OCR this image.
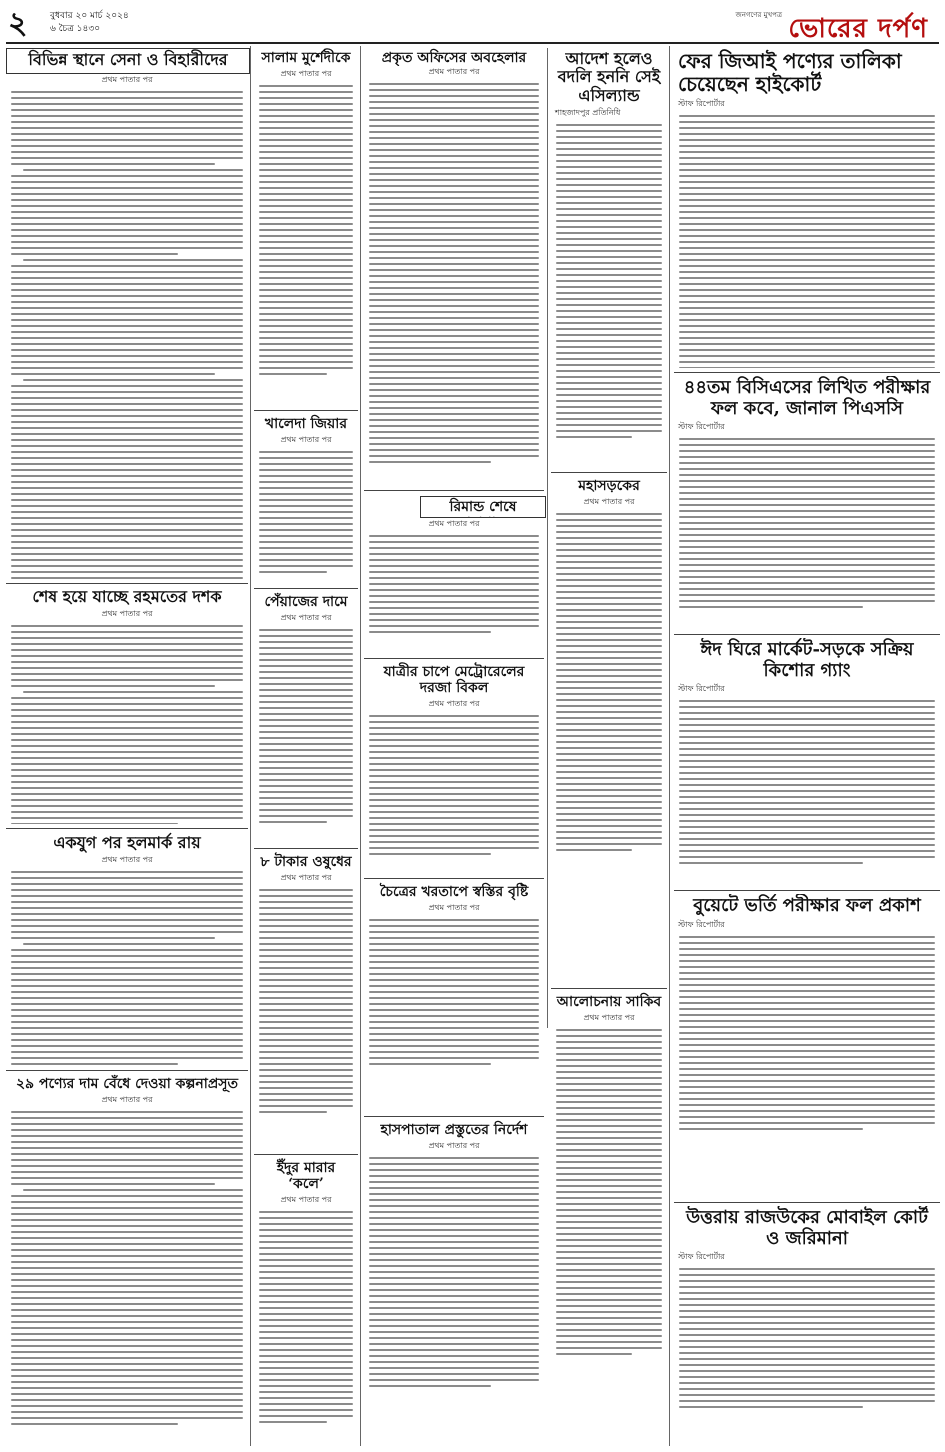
২ বুধবার ২০ মার্চ ২০২৪
৬ চৈত্র ১৪৩০
জনগণের মুখপত্র ভোরের দর্পণ
বিভিন্ন স্থানে সেনা ও বিহারীদের
প্রথম পাতার পর
শেষ হয়ে যাচ্ছে রহমতের দশক
প্রথম পাতার পর
একযুগ পর হলমার্ক রায়
প্রথম পাতার পর
২৯ পণ্যের দাম বেঁধে দেওয়া কল্পনাপ্রসূত
প্রথম পাতার পর
সালাম মুর্শেদীকে
প্রথম পাতার পর
খালেদা জিয়ার
প্রথম পাতার পর
পেঁয়াজের দামে
প্রথম পাতার পর
৮ টাকার ওষুধের
প্রথম পাতার পর
ইঁদুর মারার ‘কলে’
প্রথম পাতার পর
প্রকৃত অফিসের অবহেলার
প্রথম পাতার পর
আদেশ হলেও বদলি হননি সেই এসিল্যান্ড
শাহজাদপুর প্রতিনিধি
রিমান্ড শেষে
প্রথম পাতার পর
যাত্রীর চাপে মেট্রোরেলের দরজা বিকল
প্রথম পাতার পর
চৈত্রের খরতাপে স্বস্তির বৃষ্টি
প্রথম পাতার পর
হাসপাতাল প্রস্তুতের নির্দেশ
প্রথম পাতার পর
মহাসড়কের
প্রথম পাতার পর
আলোচনায় সাকিব
প্রথম পাতার পর
ফের জিআই পণ্যের তালিকা চেয়েছেন হাইকোর্ট
স্টাফ রিপোর্টার
৪৪তম বিসিএসের লিখিত পরীক্ষার ফল কবে, জানাল পিএসসি
স্টাফ রিপোর্টার
ঈদ ঘিরে মার্কেট-সড়কে সক্রিয় কিশোর গ্যাং
স্টাফ রিপোর্টার
বুয়েটে ভর্তি পরীক্ষার ফল প্রকাশ
স্টাফ রিপোর্টার
উত্তরায় রাজউকের মোবাইল কোর্ট ও জরিমানা
স্টাফ রিপোর্টার
